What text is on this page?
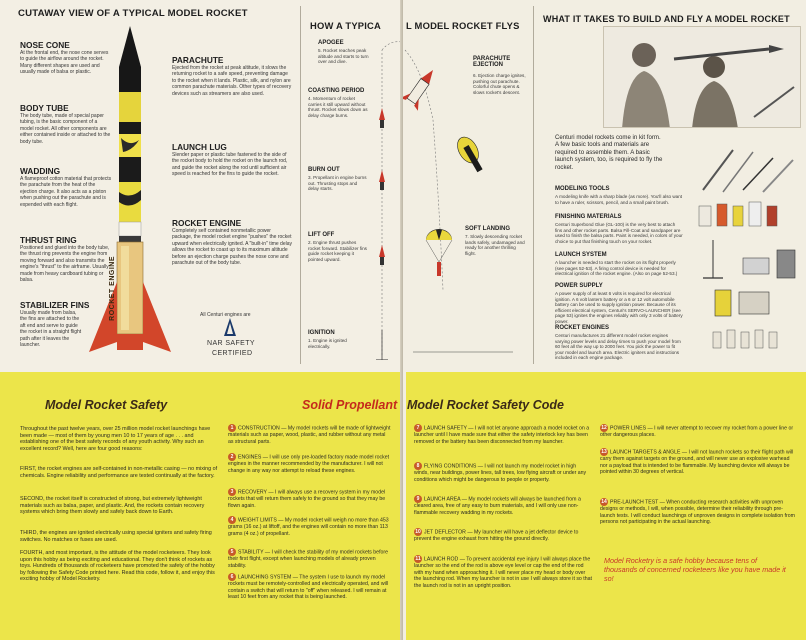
CUTAWAY VIEW OF A TYPICAL MODEL ROCKET
NOSE CONE
At the frontal end, the nose cone serves to guide the airflow around the rocket. Many different shapes are used and usually made of balsa or plastic.
BODY TUBE
The body tube, made of special paper tubing, is the basic component of a model rocket. All other components are either contained inside or attached to the body tube.
WADDING
A flameproof cotton material that protects the parachute from the heat of the ejection charge. It also acts as a piston when pushing out the parachute and is expended with each flight.
THRUST RING
Positioned and glued into the body tube, the thrust ring prevents the engine from moving forward and also transmits the engine's "thrust" to the airframe. Usually made from heavy cardboard tubing or balsa.
STABILIZER FINS
Usually made from balsa, the fins are attached to the aft end and serve to guide the rocket in a straight flight path after it leaves the launcher.
PARACHUTE
Ejected from the rocket at peak altitude, it slows the returning rocket to a safe speed, preventing damage to the rocket when it lands. Plastic, silk, and nylon are common parachute materials. Other types of recovery devices such as streamers are also used.
LAUNCH LUG
Slender paper or plastic tube fastened to the side of the rocket body to hold the rocket on the launch rod, and guide the rocket along the rod until sufficient air speed is reached for the fins to guide the rocket.
ROCKET ENGINE
Completely self contained nonmetallic power package, the model rocket engine "pushes" the rocket upward when electrically ignited. A "built-in" time delay allows the rocket to coast up to its maximum altitude before an ejection charge pushes the nose cone and parachute out of the body tube.
All Centuri engines are
ROCKET ENGINE
NAR SAFETY
CERTIFIED
HOW A TYPICA
APOGEE
5. Rocket reaches peak altitude and starts to turn over and dive.
COASTING PERIOD
4. Momentum of rocket carries it still upward without thrust. Rocket slows down as delay charge burns.
BURN OUT
3. Propellant in engine burns out. Thrusting stops and delay starts.
LIFT OFF
2. Engine thrust pushes rocket forward. Stabilizer fins guide rocket keeping it pointed upward.
IGNITION
1. Engine is ignited electrically.
L MODEL ROCKET FLYS
WHAT IT TAKES TO BUILD AND FLY A MODEL ROCKET
PARACHUTE EJECTION
6. Ejection charge ignites, pushing out parachute. Colorful chute opens & slows rocket's descent.
SOFT LANDING
7. Slowly descending rocket lands safely, undamaged and ready for another thrilling flight.
Centuri model rockets come in kit form. A few basic tools and materials are required to assemble them. A basic launch system, too, is required to fly the rocket.
MODELING TOOLS
A modeling knife with a sharp blade (as more). You'll also want to have a ruler, scissors, pencil, and a small paint brush.
FINISHING MATERIALS
Centuri Superbond Glue (GL-100) is the very best to attach fins and other rocket parts. Balsa Fill-Coat and sandpaper are used to finish the balsa parts. Paint is needed, in colors of your choice to put that finishing touch on your rocket.
LAUNCH SYSTEM
A launcher is needed to start the rocket on its flight properly (see pages 52-53). A firing control device is needed for electrical ignition of the rocket engine. (Also on page 52-53.)
POWER SUPPLY
A power supply of at least 6 volts is required for electrical ignition. A 6 volt lantern battery or a 6 or 12 volt automobile battery can be used to supply ignition power. Because of its efficient electrical system, Centuri's SERVO-LAUNCHER (see page 53) ignites the engines reliably with only 3 volts of battery power.
ROCKET ENGINES
Centuri manufactures 21 different model rocket engines varying power levels and delay times to push your model from 60 feet all the way up to 2000 feet. You pick the power to fit your model and launch area. Electric igniters and instructions included in each engine package.
Model Rocket Safety	Solid Propellant Model Rocket Safety Code
Throughout the past twelve years, over 25 million model rocket launchings have been made — most of them by young men 10 to 17 years of age . . . and establishing one of the best safety records of any youth activity. Why such an excellent record? Well, here are four good reasons:
FIRST, the rocket engines are self-contained in non-metallic casing — no mixing of chemicals. Engine reliability and performance are tested continually at the factory.
SECOND, the rocket itself is constructed of strong, but extremely lightweight materials such as balsa, paper, and plastic. And, the rockets contain recovery systems which bring them slowly and safely back down to Earth.
THIRD, the engines are ignited electrically using special igniters and safety firing switches. No matches or fuses are used.
FOURTH, and most important, is the attitude of the model rocketeers. They look upon this hobby as being exciting and educational. They don't think of rockets as toys. Hundreds of thousands of rocketeers have promoted the safety of the hobby by following the Safety Code printed here. Read this code, follow it, and enjoy this exciting hobby of Model Rocketry.
1 CONSTRUCTION — My model rockets will be made of lightweight materials such as paper, wood, plastic, and rubber without any metal as structural parts.
2 ENGINES — I will use only pre-loaded factory made model rocket engines in the manner recommended by the manufacturer. I will not change in any way nor attempt to reload these engines.
3 RECOVERY — I will always use a recovery system in my model rockets that will return them safely to the ground so that they may be flown again.
4 WEIGHT LIMITS — My model rocket will weigh no more than 453 grams (16 oz.) at liftoff, and the engines will contain no more than 113 grams (4 oz.) of propellant.
5 STABILITY — I will check the stability of my model rockets before their first flight, except when launching models of already proven stability.
6 LAUNCHING SYSTEM — The system I use to launch my model rockets must be remotely-controlled and electrically operated, and will contain a switch that will return to "off" when released. I will remain at least 10 feet from any rocket that is being launched.
7 LAUNCH SAFETY — I will not let anyone approach a model rocket on a launcher until I have made sure that either the safety interlock key has been removed or the battery has been disconnected from my launcher.
8 FLYING CONDITIONS — I will not launch my model rocket in high winds, near buildings, power lines, tall trees, low flying aircraft or under any conditions which might be dangerous to people or property.
9 LAUNCH AREA — My model rockets will always be launched from a cleared area, free of any easy to burn materials, and I will only use non-flammable recovery wadding in my rockets.
10 JET DEFLECTOR — My launcher will have a jet deflector device to prevent the engine exhaust from hitting the ground directly.
11 LAUNCH ROD — To prevent accidental eye injury I will always place the launcher so the end of the rod is above eye level or cap the end of the rod with my hand when approaching it. I will never place my head or body over the launching rod. When my launcher is not in use I will always store it so that the launch rod is not in an upright position.
12 POWER LINES — I will never attempt to recover my rocket from a power line or other dangerous places.
13 LAUNCH TARGETS & ANGLE — I will not launch rockets so their flight path will carry them against targets on the ground, and will never use an explosive warhead nor a payload that is intended to be flammable. My launching device will always be pointed within 30 degrees of vertical.
14 PRE-LAUNCH TEST — When conducting research activities with unproven designs or methods, I will, when possible, determine their reliability through pre-launch tests. I will conduct launchings of unproven designs in complete isolation from persons not participating in the actual launching.
Model Rocketry is a safe hobby because tens of thousands of concerned rocketeers like you have made it so!
